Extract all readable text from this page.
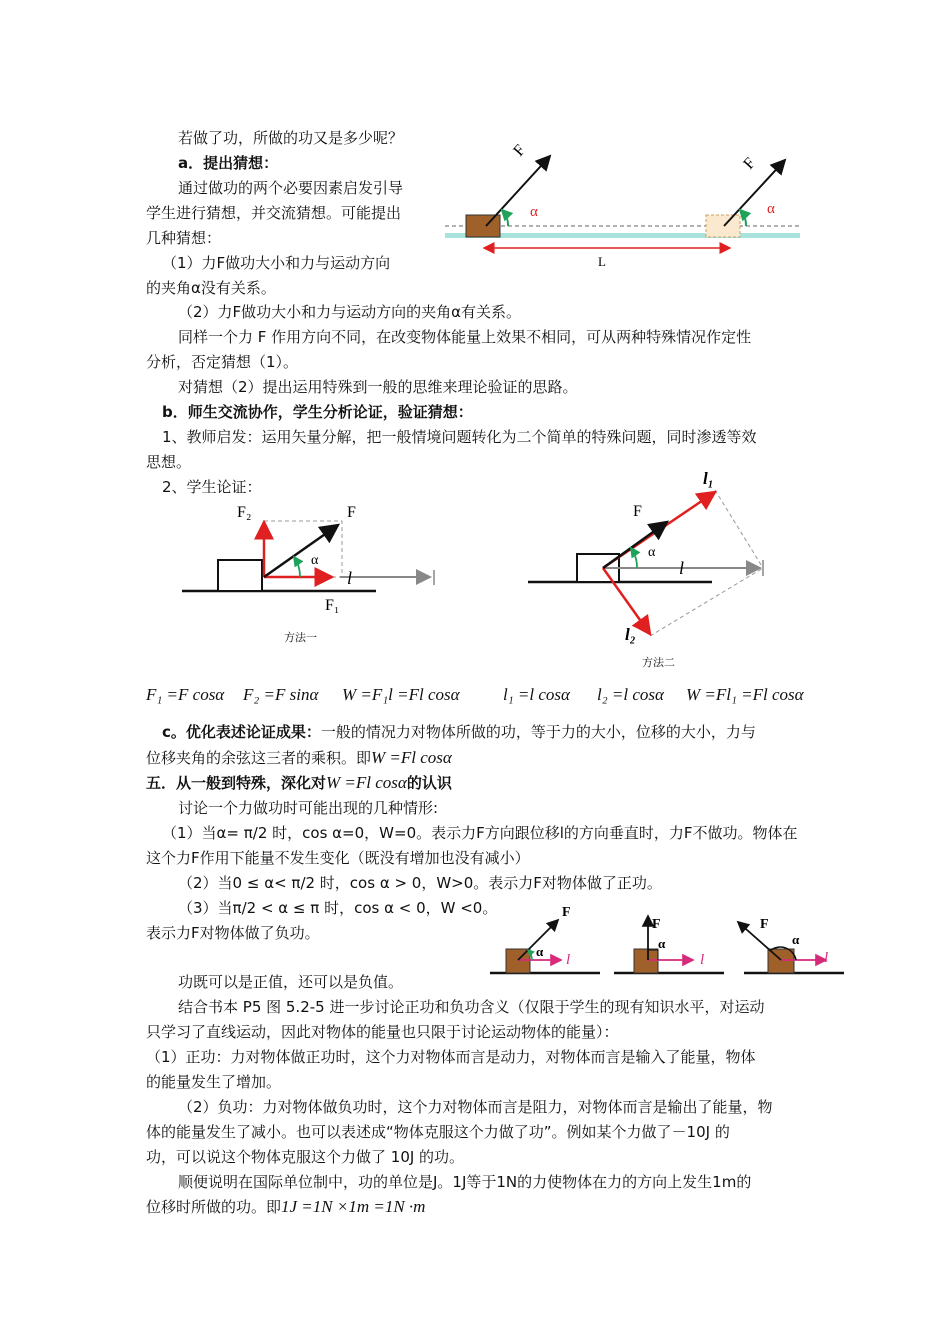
若做了功，所做的功又是多少呢？
a．提出猜想：
通过做功的两个必要因素启发引导
学生进行猜想，并交流猜想。可能提出
几种猜想：
（1）力F做功大小和力与运动方向
的夹角α没有关系。
（2）力F做功大小和力与运动方向的夹角α有关系。
同样一个力 F 作用方向不同，在改变物体能量上效果不相同，可从两种特殊情况作定性
分析，否定猜想（1）。
对猜想（2）提出运用特殊到一般的思维来理论验证的思路。
b．师生交流协作，学生分析论证，验证猜想：
1、教师启发：运用矢量分解，把一般情境问题转化为二个简单的特殊问题，同时渗透等效
思想。
2、学生论证：
F₁ =F cosα F₂ =F sinα W =F₁l =Fl cosα	l₁ =l cosα l₂ =l cosα W =Fl₁ =Fl cosα
c。优化表述论证成果：一般的情况力对物体所做的功，等于力的大小，位移的大小，力与
位移夹角的余弦这三者的乘积。即W =Fl cosα
五．从一般到特殊，深化对W =Fl cosα的认识
讨论一个力做功时可能出现的几种情形:
（1）当α= π/2 时，cos α=0，W=0。表示力F方向跟位移l的方向垂直时，力F不做功。物体在
这个力F作用下能量不发生变化（既没有增加也没有减小）
（2）当0 ≤ α< π/2 时，cos α > 0，W>0。表示力F对物体做了正功。
（3）当π/2 < α ≤ π 时，cos α < 0，W <0。
表示力F对物体做了负功。
功既可以是正值，还可以是负值。
结合书本 P5 图 5.2-5 进一步讨论正功和负功含义（仅限于学生的现有知识水平，对运动
只学习了直线运动，因此对物体的能量也只限于讨论运动物体的能量）：
（1）正功：力对物体做正功时，这个力对物体而言是动力，对物体而言是输入了能量，物体
的能量发生了增加。
（2）负功：力对物体做负功时，这个力对物体而言是阻力，对物体而言是输出了能量，物
体的能量发生了减小。也可以表述成“物体克服这个力做了功”。例如某个力做了－10J 的
功，可以说这个物体克服这个力做了 10J 的功。
顺便说明在国际单位制中，功的单位是J。1J等于1N的力使物体在力的方向上发生1m的
位移时所做的功。即1J =1N ×1m =1N ·m
F
F
α	α
L
F₂	F
α
l
F₁
方法一
l₁
F
α
l
l₂
方法二
F
α
l
F
α
l
F
α
l
